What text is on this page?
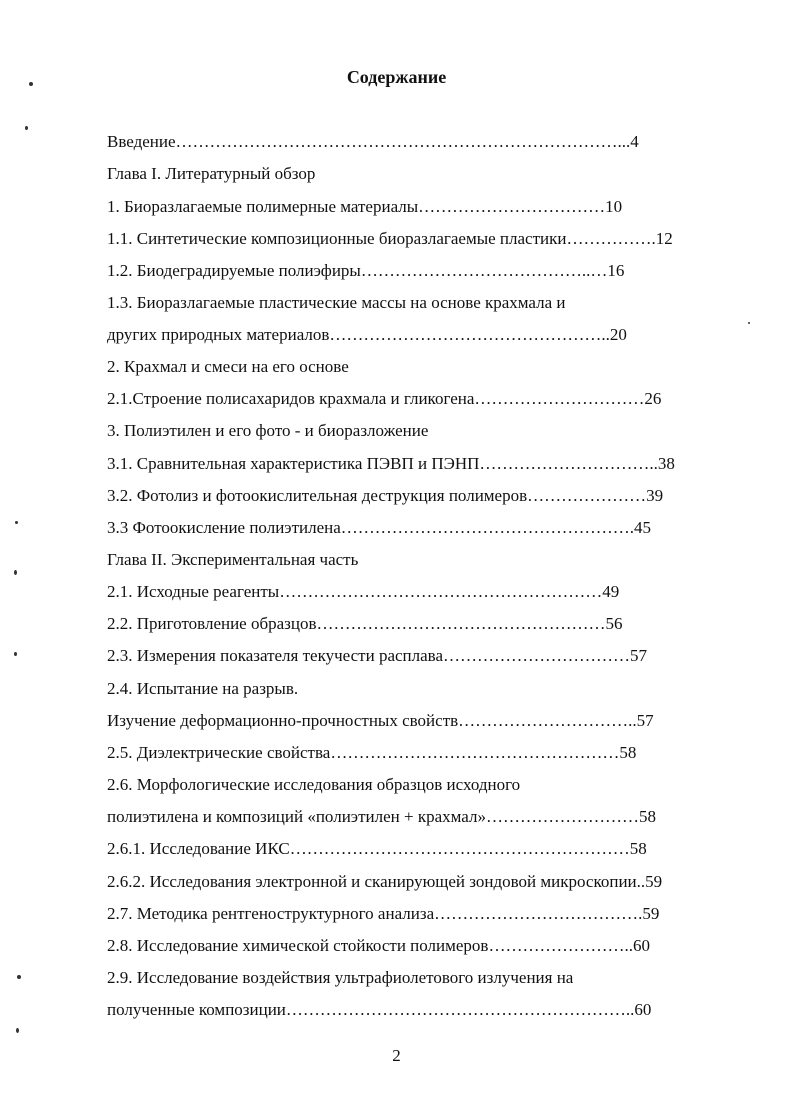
Содержание
Введение……………………………………………………………………...4
Глава I. Литературный обзор
1. Биоразлагаемые полимерные материалы……………………………10
1.1. Синтетические композиционные биоразлагаемые пластики…………….12
1.2. Биодеградируемые полиэфиры…………………………………..…16
1.3. Биоразлагаемые пластические массы на основе крахмала и
других природных материалов…………………………………………..20
2. Крахмал и смеси на его основе
2.1.Строение полисахаридов крахмала и гликогена…………………………26
3. Полиэтилен и его фото - и биоразложение
3.1. Сравнительная характеристика ПЭВП и ПЭНП…………………………..38
3.2. Фотолиз и фотоокислительная деструкция полимеров…………………39
3.3 Фотоокисление полиэтилена…………………………………………….45
Глава II. Экспериментальная часть
2.1. Исходные реагенты…………………………………………………49
2.2. Приготовление образцов……………………………………………56
2.3. Измерения показателя текучести расплава……………………………57
2.4. Испытание на разрыв.
Изучение деформационно-прочностных свойств…………………………..57
2.5. Диэлектрические свойства……………………………………………58
2.6. Морфологические исследования образцов исходного
полиэтилена и композиций «полиэтилен + крахмал»………………………58
2.6.1. Исследование ИКС……………………………………………………58
2.6.2. Исследования электронной и сканирующей зондовой микроскопии..59
2.7. Методика рентгеноструктурного анализа……………………………….59
2.8. Исследование химической стойкости полимеров……………………..60
2.9. Исследование воздействия ультрафиолетового излучения на
полученные композиции……………………………………………………..60
2
